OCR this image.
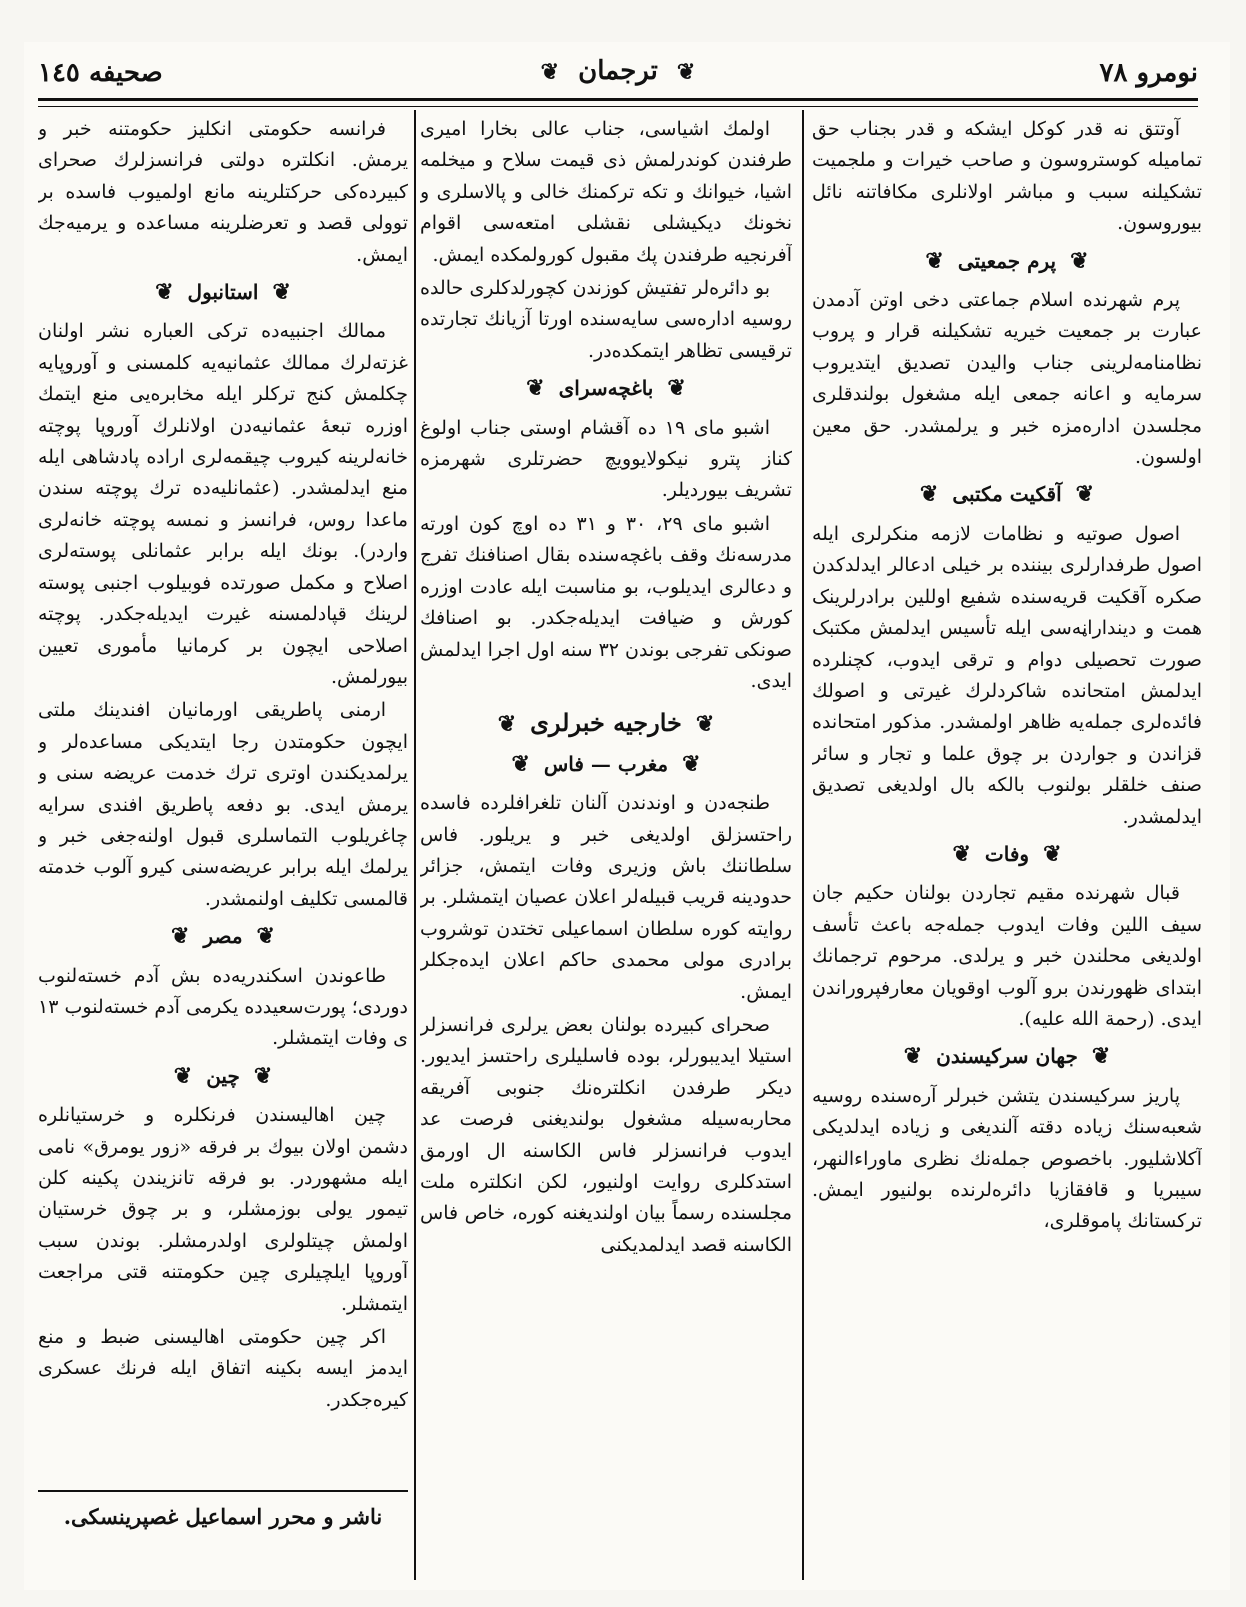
نومرو ۷۸
❦ ترجمان ❦
صحیفه ۱٤٥

آوتتق نه قدر کوکل ایشکه و قدر بجناب حق تمامیله کوستروسون و صاحب خیرات و ملجمیت تشکیلنه سبب و مباشر اولانلری مکافاتنه نائل بیوروسون.

❦پرم جمعیتی❦

پرم شهرنده اسلام جماعتی دخی اوتن آدمدن عبارت بر جمعیت خیریه تشکیلنه قرار و پروب نظامنامه‌لرینی جناب والیدن تصدیق ایتدیروب سرمایه و اعانه جمعی ایله مشغول بولندقلری مجلسدن اداره‌مزه خبر و یرلمشدر. حق معین اولسون.

❦آقکیت مکتبی❦

اصول صوتیه و نظامات لازمه منکرلری ایله اصول طرفدارلری بیننده بر خیلی ادعالر ایدلدکدن صکره آقکیت قریه‌سنده شفیع اوللین برادرلرینک همت و دینداراڼه‌سی ایله تأسیس ایدلمش مکتبک صورت تحصیلی دوام و ترقی ایدوب، کچنلرده ایدلمش امتحانده شاکردلرك غیرتی و اصولك فائده‌لری جمله‌یه ظاهر اولمشدر. مذکور امتحانده قزاندن و جواردن بر چوق علما و تجار و سائر صنف خلقلر بولنوب بالکه بال اولدیغی تصدیق ایدلمشدر.

❦وفات❦

قبال شهرنده مقیم تجاردن بولنان حکیم جان سیف اللین وفات ایدوب جمله‌جه باعث تأسف اولدیغی محلندن خبر و یرلدی. مرحوم ترجمانك ابتدای ظهورندن برو آلوب اوقویان معارفپروراندن ایدی. (رحمة الله علیه).

❦جهان سرکیسندن❦

پاریز سرکیسندن یتشن خبرلر آره‌سنده روسیه شعبه‌سنك زیاده دقته آلندیغی و زیاده ایدلدیکی آکلاشلیور. باخصوص جمله‌نك نظری ماوراءالنهر، سیبریا و قافقازیا دائره‌لرنده بولنیور ایمش. ترکستانك پاموقلری،

اولمك اشیاسی، جناب عالی بخارا امیری طرفندن کوندرلمش ذی قیمت سلاح و میخلمه اشیا، خیوانك و تکه ترکمنك خالی و پالاسلری و نخونك دیکیشلی نقشلی امتعه‌سی اقوام آفرنجیه طرفندن پك مقبول کورولمکده ایمش.

بو دائره‌لر تفتیش کوزندن کچورلدکلری حالده روسیه اداره‌سی سایه‌سنده اورتا آزیانك تجارتده ترقیسی تظاهر ایتمکده‌در.

❦باغچه‌سرای❦

اشبو مای ۱۹ ده آقشام اوستی جناب اولوغ کناز پترو نیکولایوویچ حضرتلری شهرمزه تشریف بیوردیلر.

اشبو مای ۲۹، ۳۰ و ۳۱ ده اوچ کون اورته مدرسه‌نك وقف باغچه‌سنده بقال اصنافنك تفرج و دعالری ایدیلوب، بو مناسبت ایله عادت اوزره کورش و ضیافت ایدیله‌جکدر. بو اصنافك صونکی تفرجی بوندن ۳۲ سنه اول اجرا ایدلمش ایدی.

❦خارجیه خبرلری❦
❦مغرب — فاس❦

طنجه‌دن و اوندندن آلنان تلغرافلرده فاسده راحتسزلق اولدیغی خبر و یریلور. فاس سلطاننك باش وزیری وفات ایتمش، جزائر حدودینه قریب قبیله‌لر اعلان عصیان ایتمشلر. بر روایته کوره سلطان اسماعیلی تختدن توشروب برادری مولی محمدی حاکم اعلان ایده‌جکلر ایمش.

صحرای کبیرده بولنان بعض یرلری فرانسزلر استیلا ایدیبورلر، بوده فاسلیلری راحتسز ایدیور. دیکر طرفدن انکلتره‌نك جنوبی آفریقه محاربه‌سیله مشغول بولندیغنی فرصت عد ایدوب فرانسزلر فاس الکاسنه ال اورمق استدکلری روایت اولنیور، لکن انکلتره ملت مجلسنده رسماً بیان اولندیغنه کوره، خاص فاس الکاسنه قصد ایدلمدیکنی

فرانسه حکومتی انکلیز حکومتنه خبر و یرمش. انکلتره دولتی فرانسزلرك صحرای کبیرده‌کی حرکتلرینه مانع اولمیوب فاسده بر توولی قصد و تعرضلرینه مساعده و یرمیه‌جك ایمش.

❦استانبول❦

ممالك اجنبیه‌ده ترکی العباره نشر اولنان غزته‌لرك ممالك عثمانیه‌یه کلمسنی و آوروپایه چکلمش کنج ترکلر ایله مخابره‌یی منع ایتمك اوزره تبعهٔ عثمانیه‌دن اولانلرك آوروپا پوچته خانه‌لرینه کیروب چیقمه‌لری اراده پادشاهی ایله منع ایدلمشدر. (عثمانلیه‌ده ترك پوچته سندن ماعدا روس، فرانسز و نمسه پوچته خانه‌لری واردر). بونك ایله برابر عثمانلی پوسته‌لری اصلاح و مکمل صورتده فوبیلوب اجنبی پوسته لرینك قپادلمسنه غیرت ایدیله‌جکدر. پوچته اصلاحی ایچون بر کرمانیا مأموری تعیین بیورلمش.

ارمنی پاطریقی اورمانیان افندینك ملتی ایچون حکومتدن رجا ایتدیکی مساعده‌لر و یرلمدیکندن اوتری ترك خدمت عریضه سنی و یرمش ایدی. بو دفعه پاطریق افندی سرایه چاغریلوب التماسلری قبول اولنه‌جغی خبر و یرلمك ایله برابر عریضه‌سنی کیرو آلوب خدمته قالمسی تکلیف اولنمشدر.

❦مصر❦

طاعوندن اسکندریه‌ده بش آدم خسته‌لنوب دوردی؛ پورت‌سعیدده یکرمی آدم خسته‌لنوب ۱۳ ی وفات ایتمشلر.

❦چین❦

چین اهالیسندن فرنکلره و خرستیانلره دشمن اولان بیوك بر فرقه «زور یومرق» نامی ایله مشهوردر. بو فرقه تانزیندن پکینه کلن تیمور یولی بوزمشلر، و بر چوق خرستیان اولمش چیتلولری اولدرمشلر. بوندن سبب آوروپا ایلچیلری چین حکومتنه قتی مراجعت ایتمشلر.

اکر چین حکومتی اهالیسنی ضبط و منع ایدمز ایسه بکینه اتفاق ایله فرنك عسکری کیره‌جکدر.

ناشر و محرر اسماعیل غصپرینسکی.
